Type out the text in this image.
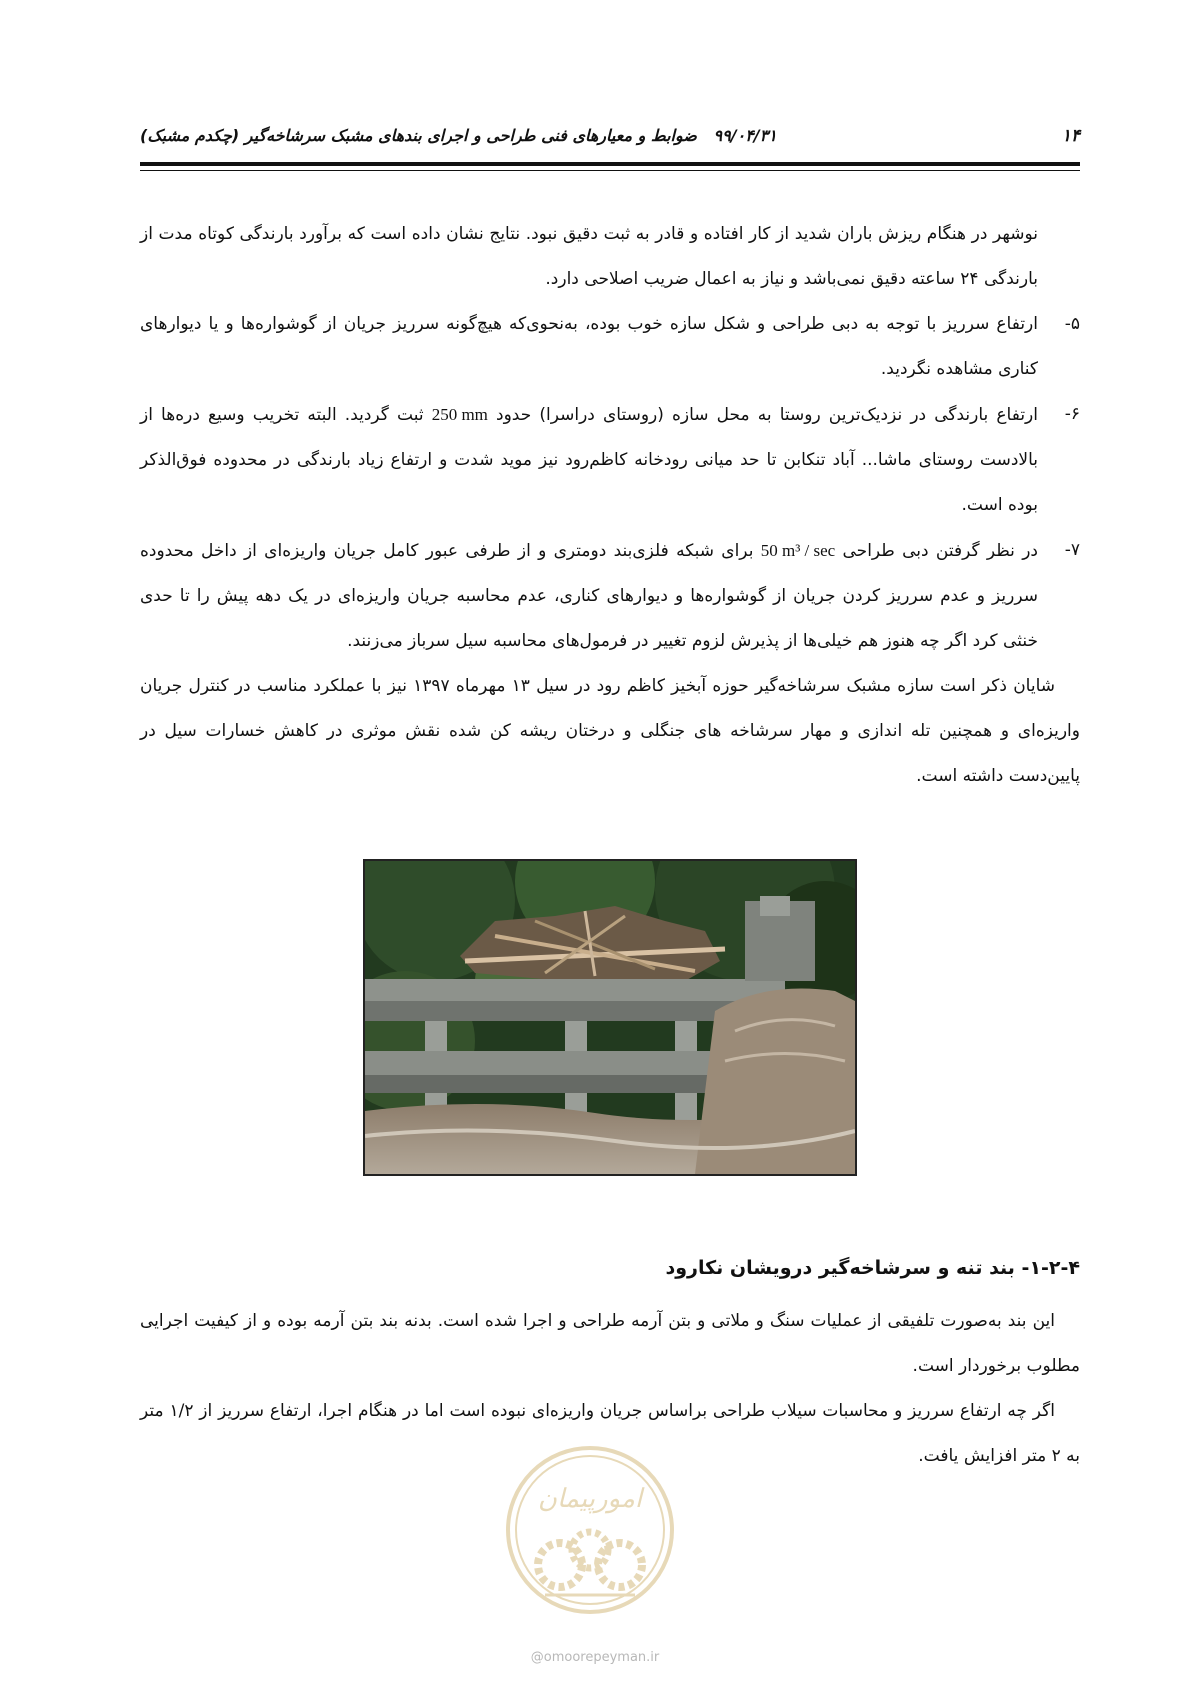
۱۴
۹۹/۰۴/۳۱   ضوابط و معیارهای فنی طراحی و اجرای بندهای مشبک سرشاخه‌گیر (چکدم مشبک)

نوشهر در هنگام ریزش باران شدید از کار افتاده و قادر به ثبت دقیق نبود. نتایج نشان داده است که برآورد بارندگی کوتاه مدت از بارندگی ۲۴ ساعته دقیق نمی‌باشد و نیاز به اعمال ضریب اصلاحی دارد.

۵-
ارتفاع سرریز با توجه به دبی طراحی و شکل سازه خوب بوده، به‌نحوی‌که هیچ‌گونه سرریز جریان از گوشواره‌ها و یا دیوارهای کناری مشاهده نگردید.

۶-
ارتفاع بارندگی در نزدیک‌ترین روستا به محل سازه (روستای دراسرا) حدود 250 mm ثبت گردید. البته تخریب وسیع دره‌ها از بالادست روستای ماشا... آباد تنکابن تا حد میانی رودخانه کاظم‌رود نیز موید شدت و ارتفاع زیاد بارندگی در محدوده فوق‌الذکر بوده است.

۷-
در نظر گرفتن دبی طراحی 50 m³ / sec برای شبکه فلزی‌بند دومتری و از طرفی عبور کامل جریان واریزه‌ای از داخل محدوده سرریز و عدم سرریز کردن جریان از گوشواره‌ها و دیوارهای کناری، عدم محاسبه جریان واریزه‌ای در یک دهه پیش را تا حدی خنثی کرد اگر چه هنوز هم خیلی‌ها از پذیرش لزوم تغییر در فرمول‌های محاسبه سیل سرباز می‌زنند.

شایان ذکر است سازه مشبک سرشاخه‌گیر حوزه آبخیز کاظم رود در سیل ۱۳ مهرماه ۱۳۹۷ نیز با عملکرد مناسب در کنترل جریان واریزه‌ای و همچنین تله اندازی و مهار سرشاخه های جنگلی و درختان ریشه کن شده نقش موثری در کاهش خسارات سیل در پایین‌دست داشته است.

۱-۲-۴- بند تنه و سرشاخه‌گیر درویشان نکارود

این بند به‌صورت تلفیقی از عملیات سنگ و ملاتی و بتن آرمه طراحی و اجرا شده است. بدنه بند بتن آرمه بوده و از کیفیت اجرایی مطلوب برخوردار است.

اگر چه ارتفاع سرریز و محاسبات سیلاب طراحی براساس جریان واریزه‌ای نبوده است اما در هنگام اجرا، ارتفاع سرریز از ۱/۲ متر به ۲ متر افزایش یافت.

امورپیمان
@omoorepeyman.ir
